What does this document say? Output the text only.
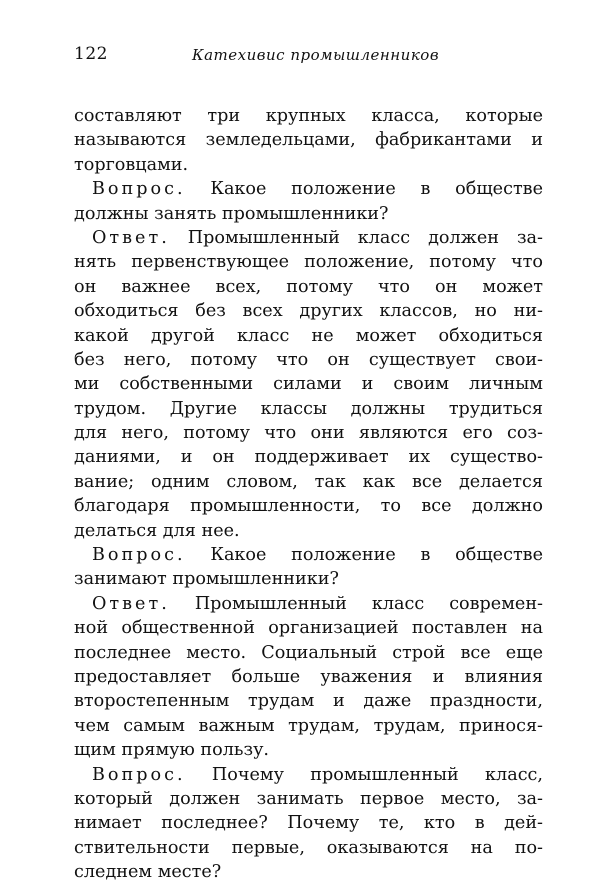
122	Катехивис промышленников
составляют три крупных класса, которые
называются земледельцами, фабрикантами и
торговцами.
Вопрос. Какое положение в обществе
должны занять промышленники?
Ответ. Промышленный класс должен за-
нять первенствующее положение, потому что
он важнее всех, потому что он может
обходиться без всех других классов, но ни-
какой другой класс не может обходиться
без него, потому что он существует свои-
ми собственными силами и своим личным
трудом. Другие классы должны трудиться
для него, потому что они являются его соз-
даниями, и он поддерживает их существо-
вание; одним словом, так как все делается
благодаря промышленности, то все должно
делаться для нее.
Вопрос. Какое положение в обществе
занимают промышленники?
Ответ. Промышленный класс современ-
ной общественной организацией поставлен на
последнее место. Социальный строй все еще
предоставляет больше уважения и влияния
второстепенным трудам и даже праздности,
чем самым важным трудам, трудам, принося-
щим прямую пользу.
Вопрос. Почему промышленный класс,
который должен занимать первое место, за-
нимает последнее? Почему те, кто в дей-
ствительности первые, оказываются на по-
следнем месте?
